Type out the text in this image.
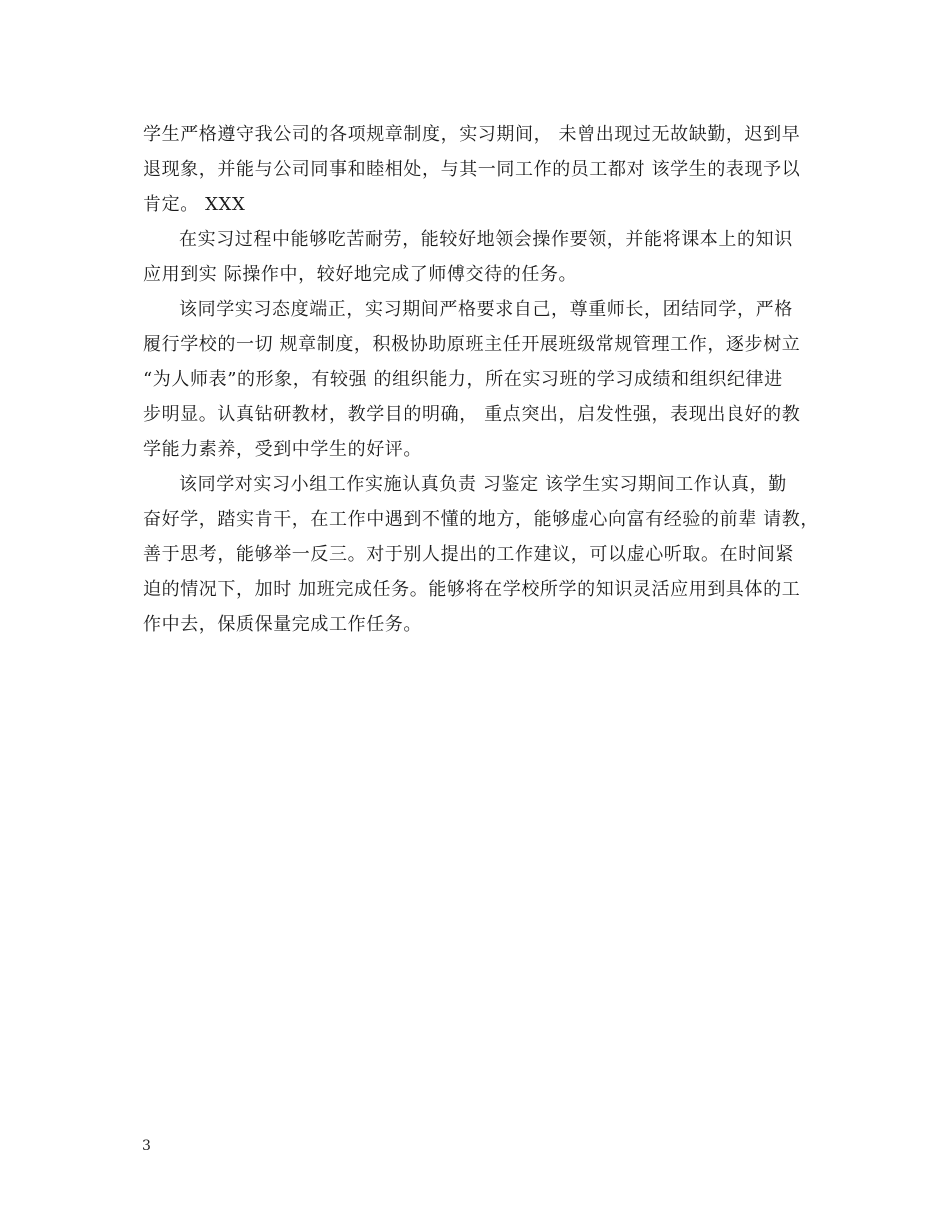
学生严格遵守我公司的各项规章制度，实习期间， 未曾出现过无故缺勤，迟到早
退现象，并能与公司同事和睦相处，与其一同工作的员工都对 该学生的表现予以
肯定。 XXX
在实习过程中能够吃苦耐劳，能较好地领会操作要领，并能将课本上的知识
应用到实 际操作中，较好地完成了师傅交待的任务。
该同学实习态度端正，实习期间严格要求自己，尊重师长，团结同学，严格
履行学校的一切 规章制度，积极协助原班主任开展班级常规管理工作，逐步树立
“为人师表”的形象，有较强 的组织能力，所在实习班的学习成绩和组织纪律进
步明显。认真钻研教材，教学目的明确， 重点突出，启发性强，表现出良好的教
学能力素养，受到中学生的好评。
该同学对实习小组工作实施认真负责 习鉴定 该学生实习期间工作认真，勤
奋好学，踏实肯干，在工作中遇到不懂的地方，能够虚心向富有经验的前辈 请教，
善于思考，能够举一反三。对于别人提出的工作建议，可以虚心听取。在时间紧
迫的情况下，加时 加班完成任务。能够将在学校所学的知识灵活应用到具体的工
作中去，保质保量完成工作任务。
3
